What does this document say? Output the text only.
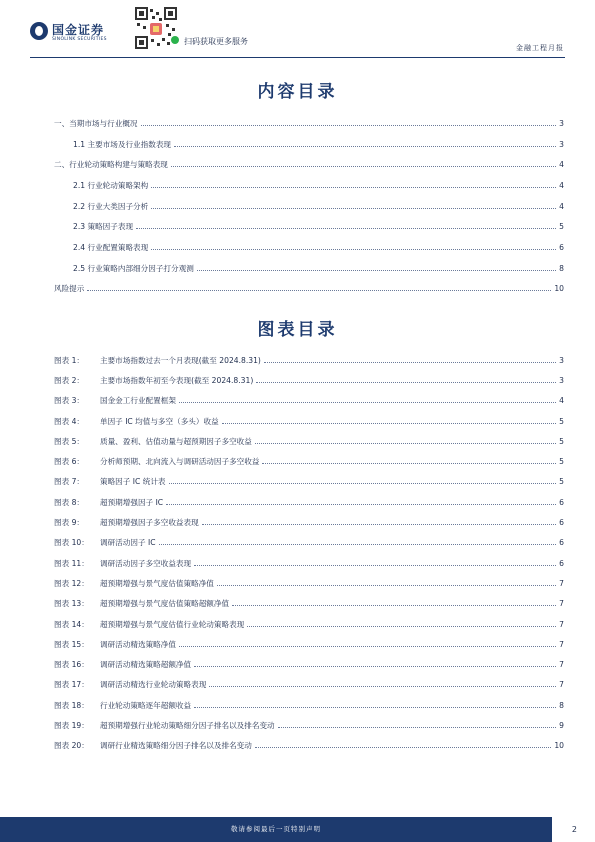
国金证券
SINOLINK SECURITIES	扫码获取更多服务
金融工程月报
内容目录
一、当期市场与行业概况	3
1.1 主要市场及行业指数表现	3
二、行业轮动策略构建与策略表现	4
2.1 行业轮动策略架构	4
2.2 行业大类因子分析	4
2.3 策略因子表现	5
2.4 行业配置策略表现	6
2.5 行业策略内部细分因子打分观测	8
风险提示	10
图表目录
图表 1： 主要市场指数过去一个月表现(截至 2024.8.31)	3
图表 2： 主要市场指数年初至今表现(截至 2024.8.31)	3
图表 3： 国金金工行业配置框架	4
图表 4： 单因子 IC 均值与多空（多头）收益	5
图表 5： 质量、盈利、估值动量与超预期因子多空收益	5
图表 6： 分析师预期、北向流入与调研活动因子多空收益	5
图表 7： 策略因子 IC 统计表	5
图表 8： 超预期增强因子 IC	6
图表 9： 超预期增强因子多空收益表现	6
图表 10： 调研活动因子 IC	6
图表 11： 调研活动因子多空收益表现	6
图表 12： 超预期增强与景气度估值策略净值	7
图表 13： 超预期增强与景气度估值策略超额净值	7
图表 14： 超预期增强与景气度估值行业轮动策略表现	7
图表 15： 调研活动精选策略净值	7
图表 16： 调研活动精选策略超额净值	7
图表 17： 调研活动精选行业轮动策略表现	7
图表 18： 行业轮动策略逐年超额收益	8
图表 19： 超预期增强行业轮动策略细分因子排名以及排名变动	9
图表 20： 调研行业精选策略细分因子排名以及排名变动	10
敬请参阅最后一页特别声明	2
